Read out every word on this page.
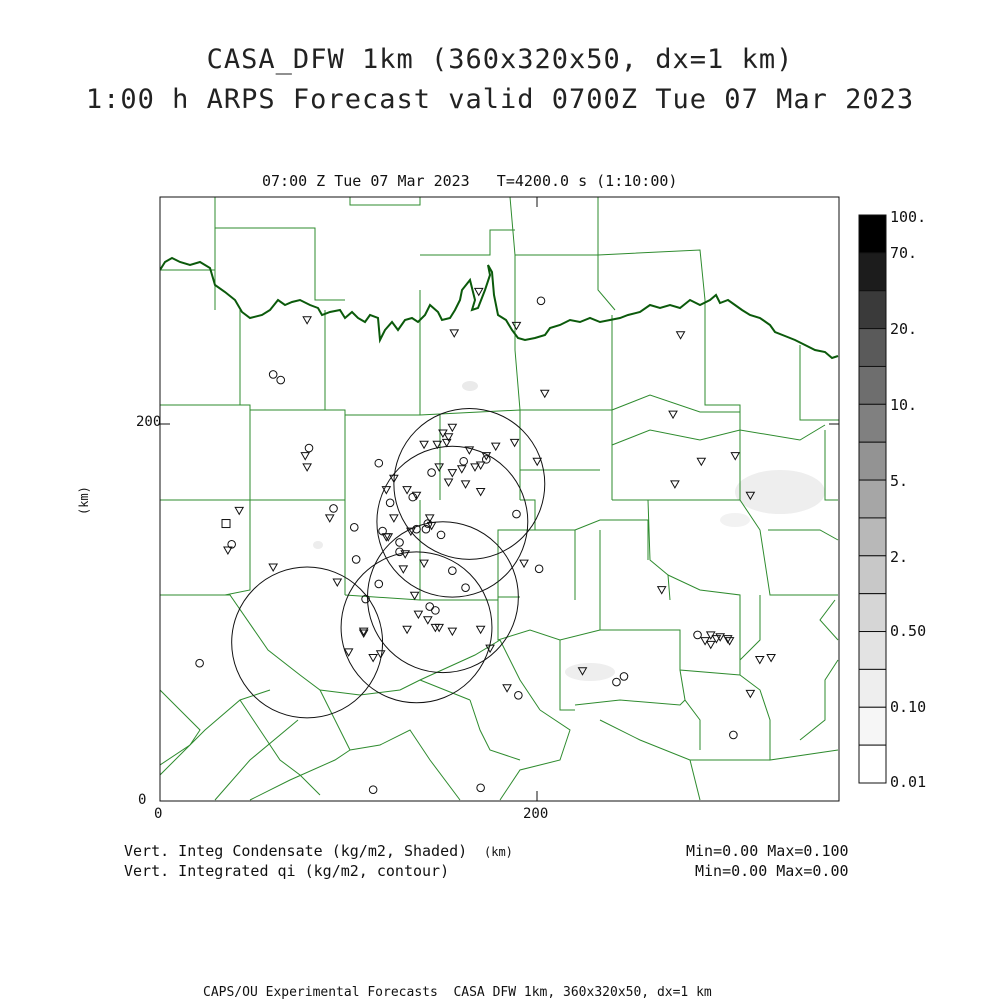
CASA_DFW 1km (360x320x50, dx=1 km)
1:00 h ARPS Forecast valid 0700Z Tue 07 Mar 2023
07:00 Z Tue 07 Mar 2023   T=4200.0 s (1:10:00)
200
0
0	200
(km)
(km)
100.
70.
20.
10.
5.
2.
0.50
0.10
0.01
Vert. Integ Condensate (kg/m2, Shaded)
Vert. Integrated qi (kg/m2, contour)
Min=0.00 Max=0.100
Min=0.00 Max=0.00
CAPS/OU Experimental Forecasts  CASA DFW 1km, 360x320x50, dx=1 km
